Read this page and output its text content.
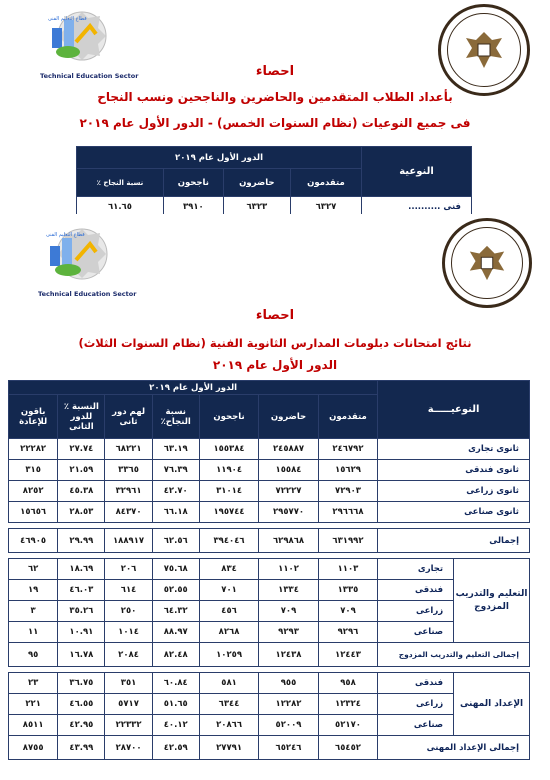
قطاع التعليم الفنى
Technical Education Sector	احصاء
بأعداد الطلاب المتقدمين والحاضرين والناجحين ونسب النجاح
فى جميع النوعيات (نظام السنوات الخمس) - الدور الأول عام ٢٠١٩
النوعية	الدور الأول عام ٢٠١٩			
	متقدمون	حاضرون	ناجحون	نسبة النجاح ٪
فنى ..........	٦٣٢٧	٦٣٢٣	٣٩١٠	٦١.٦٥
قطاع التعليم الفنى
Technical Education Sector
احصاء
نتائج امتحانات دبلومات المدارس الثانوية الفنية (نظام السنوات الثلاث)
الدور الأول عام ٢٠١٩
النوعيـــــة		الدور الأول عام ٢٠١٩						
		متقدمون	حاضرون	ناجحون	نسبة النجاح٪	لهم دور ثانى	النسبة ٪ للدور الثانى	باقون للإعادة
ثانوى تجارى		٢٤٦٧٩٢	٢٤٥٨٨٧	١٥٥٣٨٤	٦٣.١٩	٦٨٢٢١	٢٧.٧٤	٢٢٢٨٢
ثانوى فندقى		١٥٦٢٩	١٥٥٨٤	١١٩٠٤	٧٦.٣٩	٣٣٦٥	٢١.٥٩	٣١٥
ثانوى زراعى		٧٢٩٠٣	٧٢٢٢٧	٣١٠١٤	٤٢.٧٠	٣٢٩٦١	٤٥.٣٨	٨٢٥٢
ثانوى صناعى		٢٩٦٦٦٨	٢٩٥٧٧٠	١٩٥٧٤٤	٦٦.١٨	٨٤٣٧٠	٢٨.٥٣	١٥٦٥٦

إجمالى		٦٣١٩٩٢	٦٢٩٨٦٨	٣٩٤٠٤٦	٦٢.٥٦	١٨٨٩١٧	٢٩.٩٩	٤٦٩٠٥

التعليم والتدريب المزدوج	تجارى	١١٠٣	١١٠٢	٨٣٤	٧٥.٦٨	٢٠٦	١٨.٦٩	٦٢
	فندقى	١٣٣٥	١٣٣٤	٧٠١	٥٢.٥٥	٦١٤	٤٦.٠٣	١٩
	زراعى	٧٠٩	٧٠٩	٤٥٦	٦٤.٣٢	٢٥٠	٣٥.٢٦	٣
	صناعى	٩٢٩٦	٩٢٩٣	٨٢٦٨	٨٨.٩٧	١٠١٤	١٠.٩١	١١
إجمالى التعليم والتدريب المزدوج		١٢٤٤٣	١٢٤٣٨	١٠٢٥٩	٨٢.٤٨	٢٠٨٤	١٦.٧٨	٩٥

الإعداد المهنى	فندقى	٩٥٨	٩٥٥	٥٨١	٦٠.٨٤	٣٥١	٣٦.٧٥	٢٣
	زراعى	١٢٣٢٤	١٢٢٨٢	٦٣٤٤	٥١.٦٥	٥٧١٧	٤٦.٥٥	٢٢١
	صناعى	٥٢١٧٠	٥٢٠٠٩	٢٠٨٦٦	٤٠.١٢	٢٢٣٣٢	٤٢.٩٥	٨٥١١
إجمالى الإعداد المهنى		٦٥٤٥٢	٦٥٢٤٦	٢٧٧٩١	٤٢.٥٩	٢٨٧٠٠	٤٣.٩٩	٨٧٥٥
